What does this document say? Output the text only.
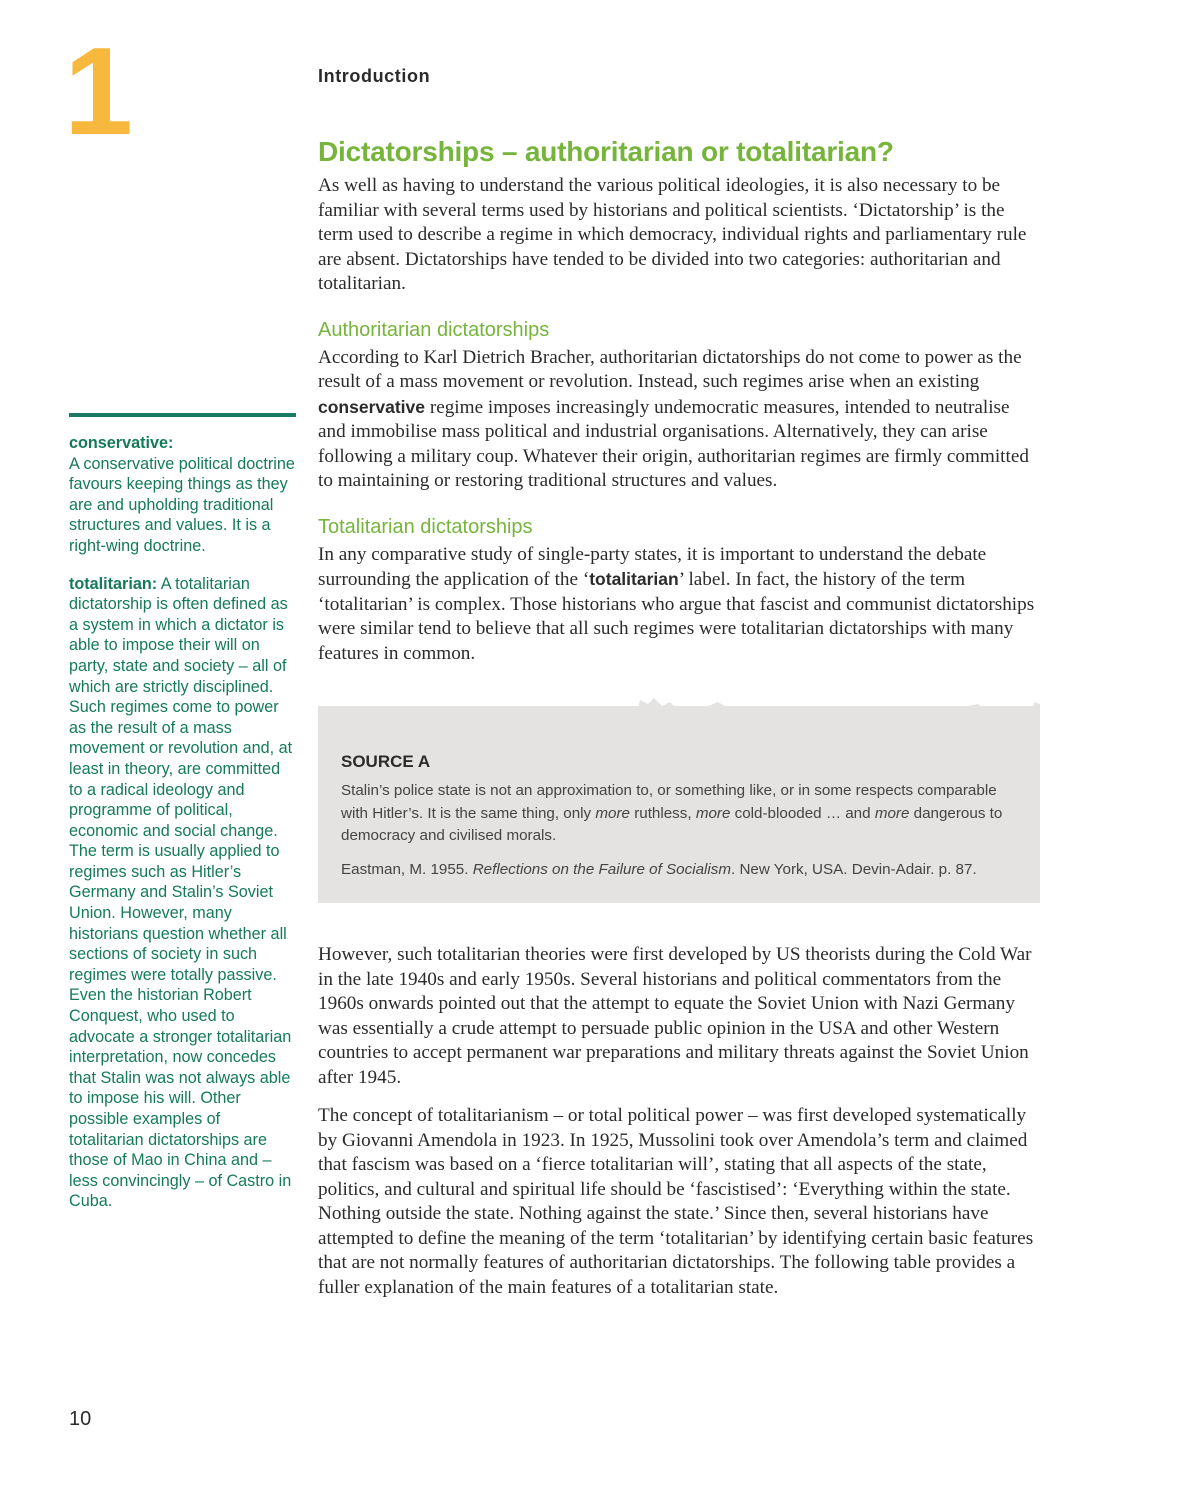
1	Introduction
Dictatorships – authoritarian or totalitarian?

As well as having to understand the various political ideologies, it is also necessary to be familiar with several terms used by historians and political scientists. ‘Dictatorship’ is the term used to describe a regime in which democracy, individual rights and parliamentary rule are absent. Dictatorships have tended to be divided into two categories: authoritarian and totalitarian.

Authoritarian dictatorships

According to Karl Dietrich Bracher, authoritarian dictatorships do not come to power as the result of a mass movement or revolution. Instead, such regimes arise when an existing conservative regime imposes increasingly undemocratic measures, intended to neutralise and immobilise mass political and industrial organisations. Alternatively, they can arise following a military coup. Whatever their origin, authoritarian regimes are firmly committed to maintaining or restoring traditional structures and values.

Totalitarian dictatorships

In any comparative study of single-party states, it is important to understand the debate surrounding the application of the ‘totalitarian’ label. In fact, the history of the term ‘totalitarian’ is complex. Those historians who argue that fascist and communist dictatorships were similar tend to believe that all such regimes were totalitarian dictatorships with many features in common.

SOURCE A

Stalin’s police state is not an approximation to, or something like, or in some respects comparable with Hitler’s. It is the same thing, only more ruthless, more cold-blooded … and more dangerous to democracy and civilised morals.

Eastman, M. 1955. Reflections on the Failure of Socialism. New York, USA. Devin-Adair. p. 87.

However, such totalitarian theories were first developed by US theorists during the Cold War in the late 1940s and early 1950s. Several historians and political commentators from the 1960s onwards pointed out that the attempt to equate the Soviet Union with Nazi Germany was essentially a crude attempt to persuade public opinion in the USA and other Western countries to accept permanent war preparations and military threats against the Soviet Union after 1945.

The concept of totalitarianism – or total political power – was first developed systematically by Giovanni Amendola in 1923. In 1925, Mussolini took over Amendola’s term and claimed that fascism was based on a ‘fierce totalitarian will’, stating that all aspects of the state, politics, and cultural and spiritual life should be ‘fascistised’: ‘Everything within the state. Nothing outside the state. Nothing against the state.’ Since then, several historians have attempted to define the meaning of the term ‘totalitarian’ by identifying certain basic features that are not normally features of authoritarian dictatorships. The following table provides a fuller explanation of the main features of a totalitarian state.

conservative:
A conservative political doctrine favours keeping things as they are and upholding traditional structures and values. It is a right-wing doctrine.

totalitarian: A totalitarian dictatorship is often defined as a system in which a dictator is able to impose their will on party, state and society – all of which are strictly disciplined. Such regimes come to power as the result of a mass movement or revolution and, at least in theory, are committed to a radical ideology and programme of political, economic and social change. The term is usually applied to regimes such as Hitler’s Germany and Stalin’s Soviet Union. However, many historians question whether all sections of society in such regimes were totally passive. Even the historian Robert Conquest, who used to advocate a stronger totalitarian interpretation, now concedes that Stalin was not always able to impose his will. Other possible examples of totalitarian dictatorships are those of Mao in China and – less convincingly – of Castro in Cuba.

10
